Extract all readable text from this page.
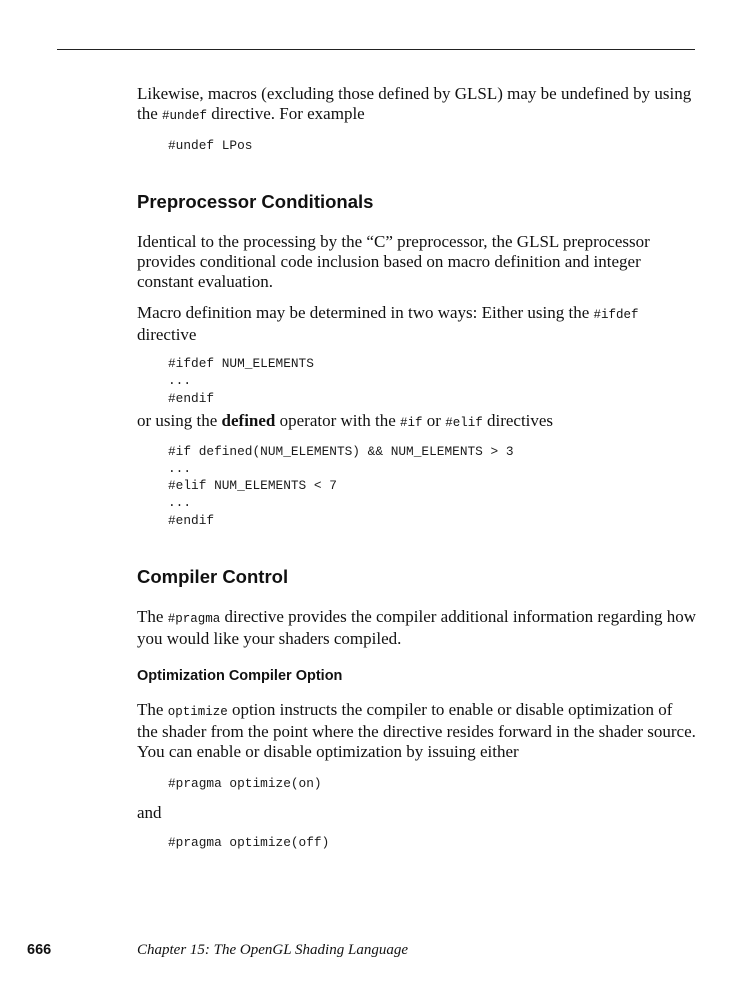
Likewise, macros (excluding those defined by GLSL) may be undefined by using the #undef directive. For example

#undef LPos
Preprocessor Conditionals

Identical to the processing by the “C” preprocessor, the GLSL preprocessor provides conditional code inclusion based on macro definition and integer constant evaluation.

Macro definition may be determined in two ways: Either using the #ifdef directive

#ifdef NUM_ELEMENTS
...
#endif

or using the defined operator with the #if or #elif directives

#if defined(NUM_ELEMENTS) && NUM_ELEMENTS > 3
...
#elif NUM_ELEMENTS < 7
...
#endif
Compiler Control

The #pragma directive provides the compiler additional information regarding how you would like your shaders compiled.

Optimization Compiler Option

The optimize option instructs the compiler to enable or disable optimization of the shader from the point where the directive resides forward in the shader source. You can enable or disable optimization by issuing either

#pragma optimize(on)

and

#pragma optimize(off)
666	Chapter 15: The OpenGL Shading Language
